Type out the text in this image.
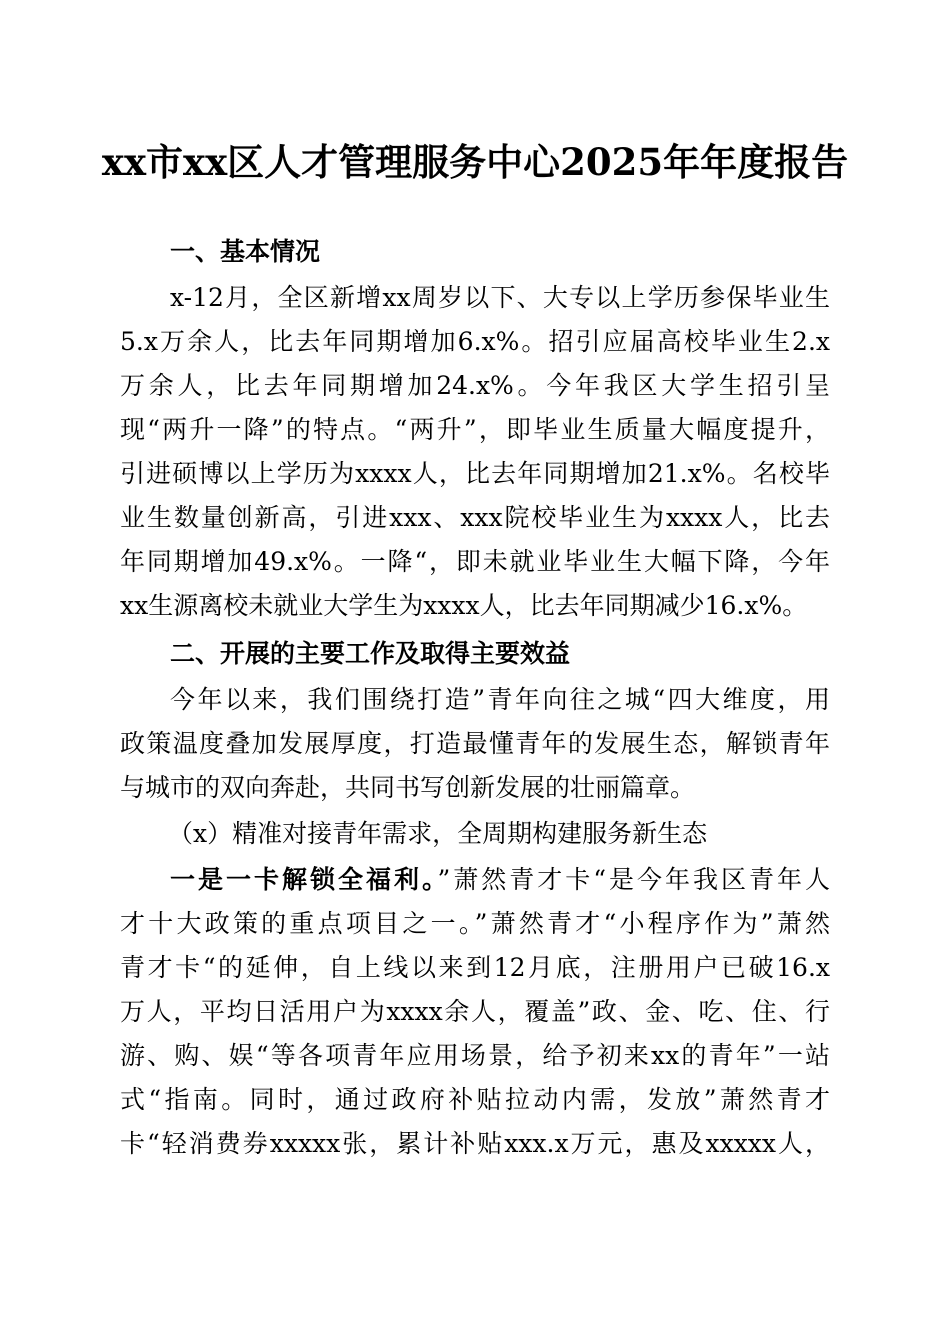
xx市xx区人才管理服务中心2025年年度报告
一、基本情况
x-12月，全区新增xx周岁以下、大专以上学历参保毕业生
5.x万余人，比去年同期增加6.x%。招引应届高校毕业生2.x
万余人，比去年同期增加24.x%。今年我区大学生招引呈
现“两升一降”的特点。“两升”，即毕业生质量大幅度提升，
引进硕博以上学历为xxxx人，比去年同期增加21.x%。名校毕
业生数量创新高，引进xxx、xxx院校毕业生为xxxx人，比去
年同期增加49.x%。一降“，即未就业毕业生大幅下降，今年
xx生源离校未就业大学生为xxxx人，比去年同期减少16.x%。
二、开展的主要工作及取得主要效益
今年以来，我们围绕打造”青年向往之城“四大维度，用
政策温度叠加发展厚度，打造最懂青年的发展生态，解锁青年
与城市的双向奔赴，共同书写创新发展的壮丽篇章。
（x）精准对接青年需求，全周期构建服务新生态
一是一卡解锁全福利。”萧然青才卡“是今年我区青年人
才十大政策的重点项目之一。”萧然青才“小程序作为”萧然
青才卡“的延伸，自上线以来到12月底，注册用户已破16.x
万人，平均日活用户为xxxx余人，覆盖”政、金、吃、住、行
游、购、娱“等各项青年应用场景，给予初来xx的青年”一站
式“指南。同时，通过政府补贴拉动内需，发放”萧然青才
卡“轻消费券xxxxx张，累计补贴xxx.x万元，惠及xxxxx人，
